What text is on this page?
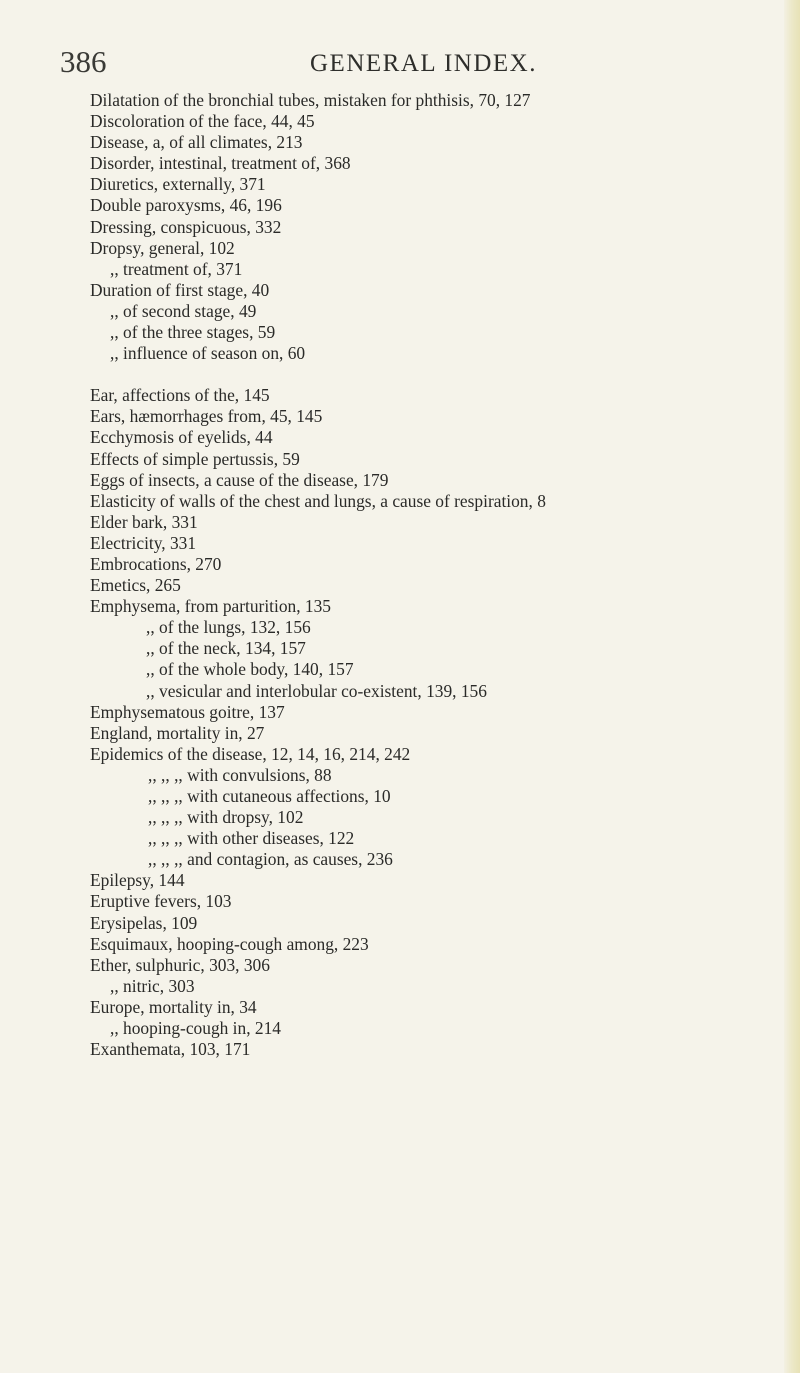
386	GENERAL INDEX.
Dilatation of the bronchial tubes, mistaken for phthisis, 70, 127
Discoloration of the face, 44, 45
Disease, a, of all climates, 213
Disorder, intestinal, treatment of, 368
Diuretics, externally, 371
Double paroxysms, 46, 196
Dressing, conspicuous, 332
Dropsy, general, 102
,, treatment of, 371
Duration of first stage, 40
,, of second stage, 49
,, of the three stages, 59
,, influence of season on, 60
Ear, affections of the, 145
Ears, hæmorrhages from, 45, 145
Ecchymosis of eyelids, 44
Effects of simple pertussis, 59
Eggs of insects, a cause of the disease, 179
Elasticity of walls of the chest and lungs, a cause of respiration, 8
Elder bark, 331
Electricity, 331
Embrocations, 270
Emetics, 265
Emphysema, from parturition, 135
,, of the lungs, 132, 156
,, of the neck, 134, 157
,, of the whole body, 140, 157
,, vesicular and interlobular co-existent, 139, 156
Emphysematous goitre, 137
England, mortality in, 27
Epidemics of the disease, 12, 14, 16, 214, 242
,, ,, ,, with convulsions, 88
,, ,, ,, with cutaneous affections, 10
,, ,, ,, with dropsy, 102
,, ,, ,, with other diseases, 122
,, ,, ,, and contagion, as causes, 236
Epilepsy, 144
Eruptive fevers, 103
Erysipelas, 109
Esquimaux, hooping-cough among, 223
Ether, sulphuric, 303, 306
,, nitric, 303
Europe, mortality in, 34
,, hooping-cough in, 214
Exanthemata, 103, 171
